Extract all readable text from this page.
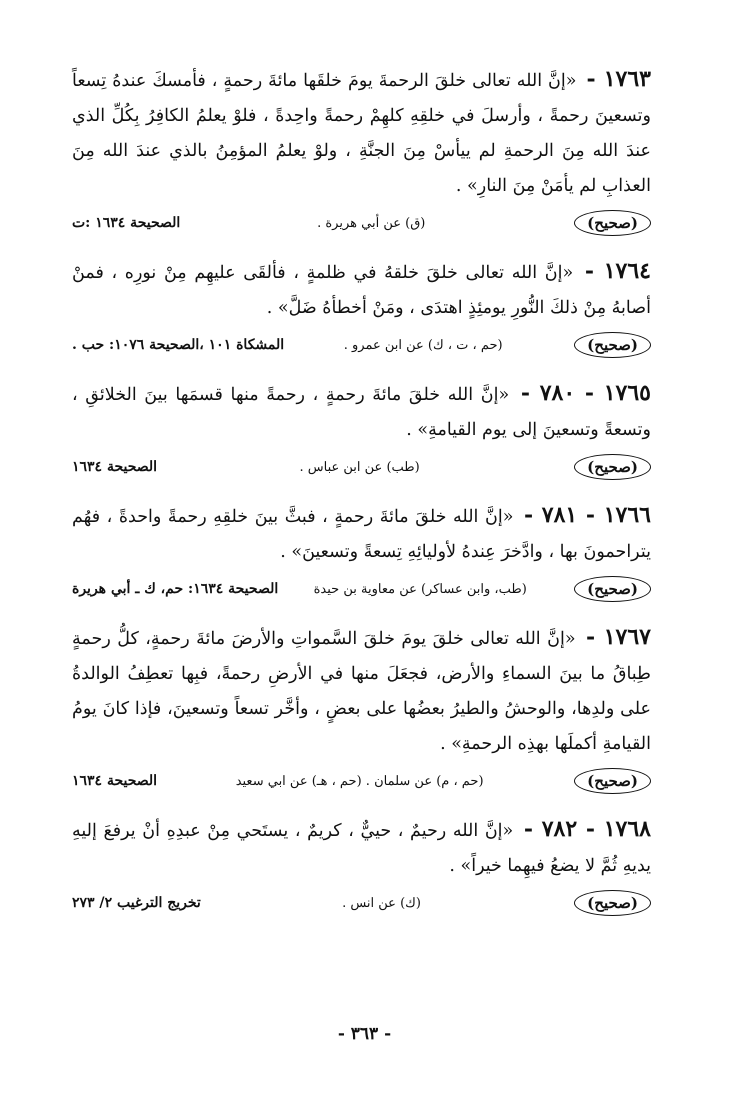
١٧٦٣ - «إنَّ الله تعالى خلقَ الرحمةَ يومَ خلقَها مائةَ رحمةٍ ، فأمسكَ عندهُ تِسعاً وتسعينَ رحمةً ، وأرسلَ في خلقِهِ كلهِمْ رحمةً واحِدةً ، فلوْ يعلمُ الكافِرُ بِكُلِّ الذي عندَ الله مِنَ الرحمةِ لم ييأسْ مِنَ الجنَّةِ ، ولوْ يعلمُ المؤمِنُ بالذي عندَ الله مِنَ العذابِ لم يأمَنْ مِنَ النارِ» .

(صحيح)
(ق) عن أبي هريرة .
الصحيحة ١٦٣٤ :ت

١٧٦٤ - «إنَّ الله تعالى خلقَ خلقهُ في ظلمةٍ ، فألقَى عليهِم مِنْ نورِه ، فمنْ أصابهُ مِنْ ذلكَ النُّورِ يومئِذٍ اهتدَى ، ومَنْ أخطأهُ ضَلَّ» .

(صحيح)
(حم ، ت ، ك) عن ابن عمرو .
المشكاة ١٠١ ،الصحيحة ١٠٧٦: حب .

١٧٦٥ - ٧٨٠ - «إنَّ الله خلقَ مائةَ رحمةٍ ، رحمةً منها قسمَها بينَ الخلائقِ ، وتسعةً وتسعينَ إلى يوم القيامةِ» .

(صحيح)
(طب) عن ابن عباس .
الصحيحة ١٦٣٤

١٧٦٦ - ٧٨١ - «إنَّ الله خلقَ مائةَ رحمةٍ ، فبثَّ بينَ خلقِهِ رحمةً واحدةً ، فهُم يتراحمونَ بها ، وادَّخرَ عِندهُ لأوليائِهِ تِسعةً وتسعينَ» .

(صحيح)
(طب، وابن عساكر) عن معاوية بن حيدة
الصحيحة ١٦٣٤: حم، ك ـ أبي هريرة

١٧٦٧ - «إنَّ الله تعالى خلقَ يومَ خلقَ السَّمواتِ والأرضَ مائةَ رحمةٍ، كلُّ رحمةٍ طِباقُ ما بينَ السماءِ والأرض، فجعَلَ منها في الأرضِ رحمةً، فبِها تعطِفُ الوالدةُ على ولدِها، والوحشُ والطيرُ بعضُها على بعضٍ ، وأخَّر تسعاً وتسعينَ، فإذا كانَ يومُ القيامةِ أكملَها بهذِه الرحمةِ» .

(صحيح)
(حم ، م) عن سلمان . (حم ، هـ) عن ابي سعيد
الصحيحة ١٦٣٤

١٧٦٨ - ٧٨٢ - «إنَّ الله رحيمٌ ، حييٌّ ، كريمٌ ، يستَحي مِنْ عبدِهِ أنْ يرفعَ إليهِ يديهِ ثُمَّ لا يضعُ فيهِما خيراً» .

(صحيح)
(ك) عن انس .
تخريج الترغيب ٢/ ٢٧٣
- ٣٦٣ -
